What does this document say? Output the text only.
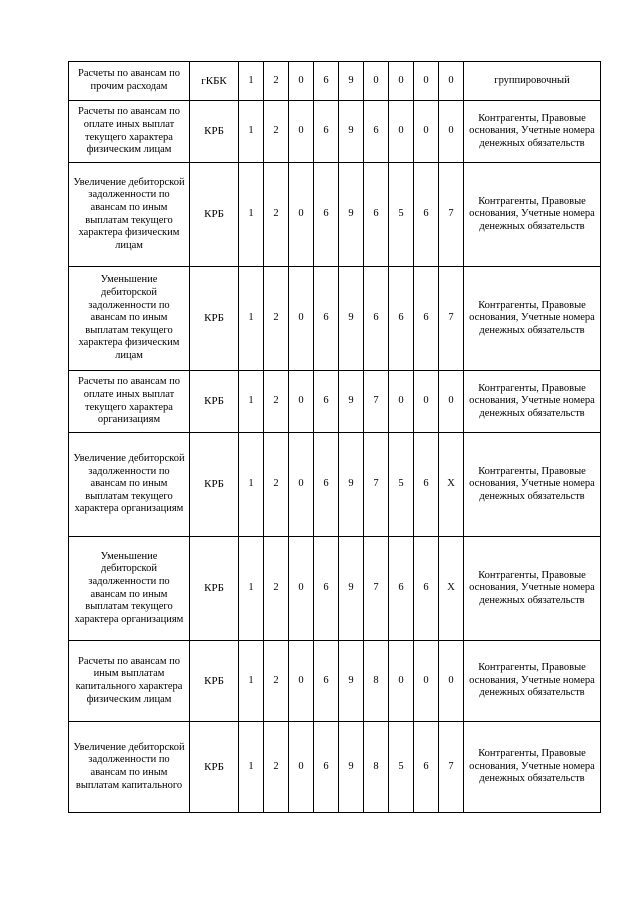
Расчеты по авансам по прочим расходам	гКБК	1	2	0	6	9	0	0	0	0	группировочный
Расчеты по авансам по оплате иных выплат текущего характера физическим лицам	КРБ	1	2	0	6	9	6	0	0	0	Контрагенты, Правовые основания, Учетные номера денежных обязательств
Увеличение дебиторской задолженности по авансам по иным выплатам текущего характера физическим лицам	КРБ	1	2	0	6	9	6	5	6	7	Контрагенты, Правовые основания, Учетные номера денежных обязательств
Уменьшение дебиторской задолженности по авансам по иным выплатам текущего характера физическим лицам	КРБ	1	2	0	6	9	6	6	6	7	Контрагенты, Правовые основания, Учетные номера денежных обязательств
Расчеты по авансам по оплате иных выплат текущего характера организациям	КРБ	1	2	0	6	9	7	0	0	0	Контрагенты, Правовые основания, Учетные номера денежных обязательств
Увеличение дебиторской задолженности по авансам по иным выплатам текущего характера организациям	КРБ	1	2	0	6	9	7	5	6	Х	Контрагенты, Правовые основания, Учетные номера денежных обязательств
Уменьшение дебиторской задолженности по авансам по иным выплатам текущего характера организациям	КРБ	1	2	0	6	9	7	6	6	Х	Контрагенты, Правовые основания, Учетные номера денежных обязательств
Расчеты по авансам по иным выплатам капитального характера физическим лицам	КРБ	1	2	0	6	9	8	0	0	0	Контрагенты, Правовые основания, Учетные номера денежных обязательств
Увеличение дебиторской задолженности по авансам по иным выплатам капитального	КРБ	1	2	0	6	9	8	5	6	7	Контрагенты, Правовые основания, Учетные номера денежных обязательств
